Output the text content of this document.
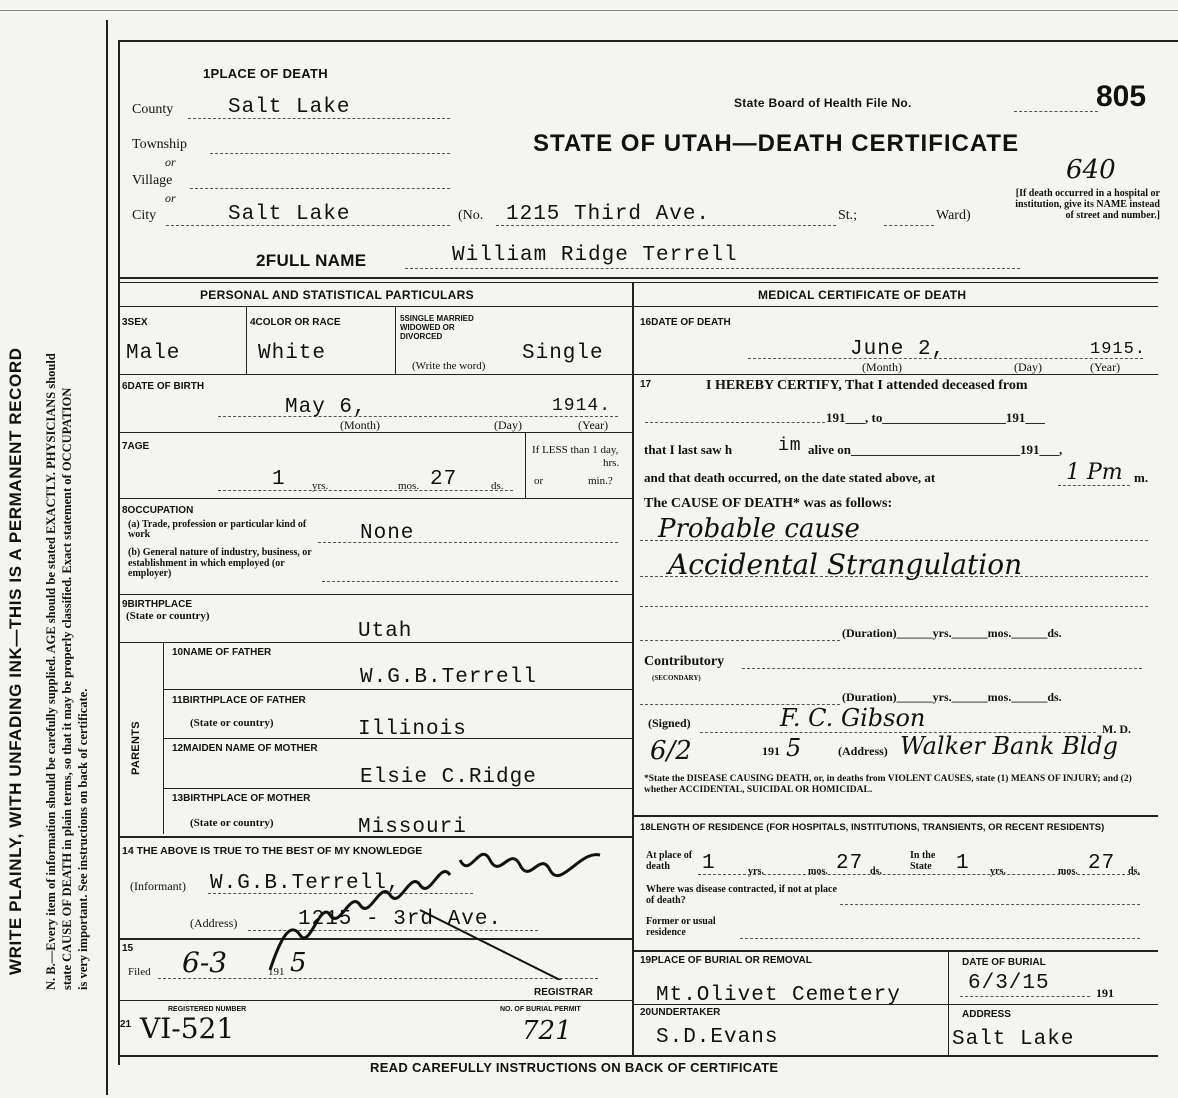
WRITE PLAINLY, WITH UNFADING INK—THIS IS A PERMANENT RECORD N. B.—Every item of information should be carefully supplied. AGE should be stated EXACTLY. PHYSICIANS should state CAUSE OF DEATH in plain terms, so that it may be properly classified. Exact statement of OCCUPATION is very important. See instructions on back of certificate.
1PLACE OF DEATH
County	Salt Lake
Township
or
Village
or
City	Salt Lake	(No. 1215 Third Ave.	St.;	Ward)
State Board of Health File No.	805
STATE OF UTAH—DEATH CERTIFICATE
640
[If death occurred in a hospital or institution, give its NAME instead of street and number.]
2FULL NAME	William Ridge Terrell
PERSONAL AND STATISTICAL PARTICULARS
3SEX
Male
4COLOR OR RACE
White
5SINGLE MARRIED WIDOWED OR DIVORCED
(Write the word)
Single
6DATE OF BIRTH
May 6,	1914.
(Month)	(Day)	(Year)
7AGE
1 yrs.	mos. 27	ds.
If LESS than 1 day,
hrs.
or	min.?
8OCCUPATION
(a) Trade, profession or particular kind of work	None
(b) General nature of industry, business, or establishment in which employed (or employer)
9BIRTHPLACE
(State or country)
Utah
PARENTS
10NAME OF FATHER
W.G.B.Terrell
11BIRTHPLACE OF FATHER
(State or country)	Illinois
12MAIDEN NAME OF MOTHER
Elsie C.Ridge
13BIRTHPLACE OF MOTHER
(State or country)	Missouri
14 THE ABOVE IS TRUE TO THE BEST OF MY KNOWLEDGE
(Informant) W.G.B.Terrell,
(Address)	1215 - 3rd Ave.
15
Filed 6-3	191 5
REGISTRAR
REGISTERED NUMBER	NO. OF BURIAL PERMIT
21 VI-521	721
MEDICAL CERTIFICATE OF DEATH
16DATE OF DEATH
June 2,	1915.
(Month)	(Day)	(Year)
17	I HEREBY CERTIFY, That I attended deceased from
191___, to___________________191___
that I last saw h	im alive on__________________________191___,
and that death occurred, on the date stated above, at	1 Pm m.
The CAUSE OF DEATH* was as follows:
Probable cause
Accidental Strangulation
(Duration)______yrs.______mos.______ds.
Contributory
(SECONDARY)
(Duration)______yrs.______mos.______ds.
(Signed)	F. C. Gibson	M. D.
6/2	191 5	(Address) Walker Bank Bldg
*State the DISEASE CAUSING DEATH, or, in deaths from VIOLENT CAUSES, state (1) MEANS OF INJURY; and (2) whether ACCIDENTAL, SUICIDAL OR HOMICIDAL.
18LENGTH OF RESIDENCE (FOR HOSPITALS, INSTITUTIONS, TRANSIENTS, OR RECENT RESIDENTS)
At place of death	1	yrs.	mos. 27 ds.
In the State	1 yrs.	mos. 27 ds.
Where was disease contracted, if not at place of death?
Former or usual residence
19PLACE OF BURIAL OR REMOVAL
Mt.Olivet Cemetery
DATE OF BURIAL
6/3/15	191
20UNDERTAKER
S.D.Evans
ADDRESS
Salt Lake
READ CAREFULLY INSTRUCTIONS ON BACK OF CERTIFICATE
